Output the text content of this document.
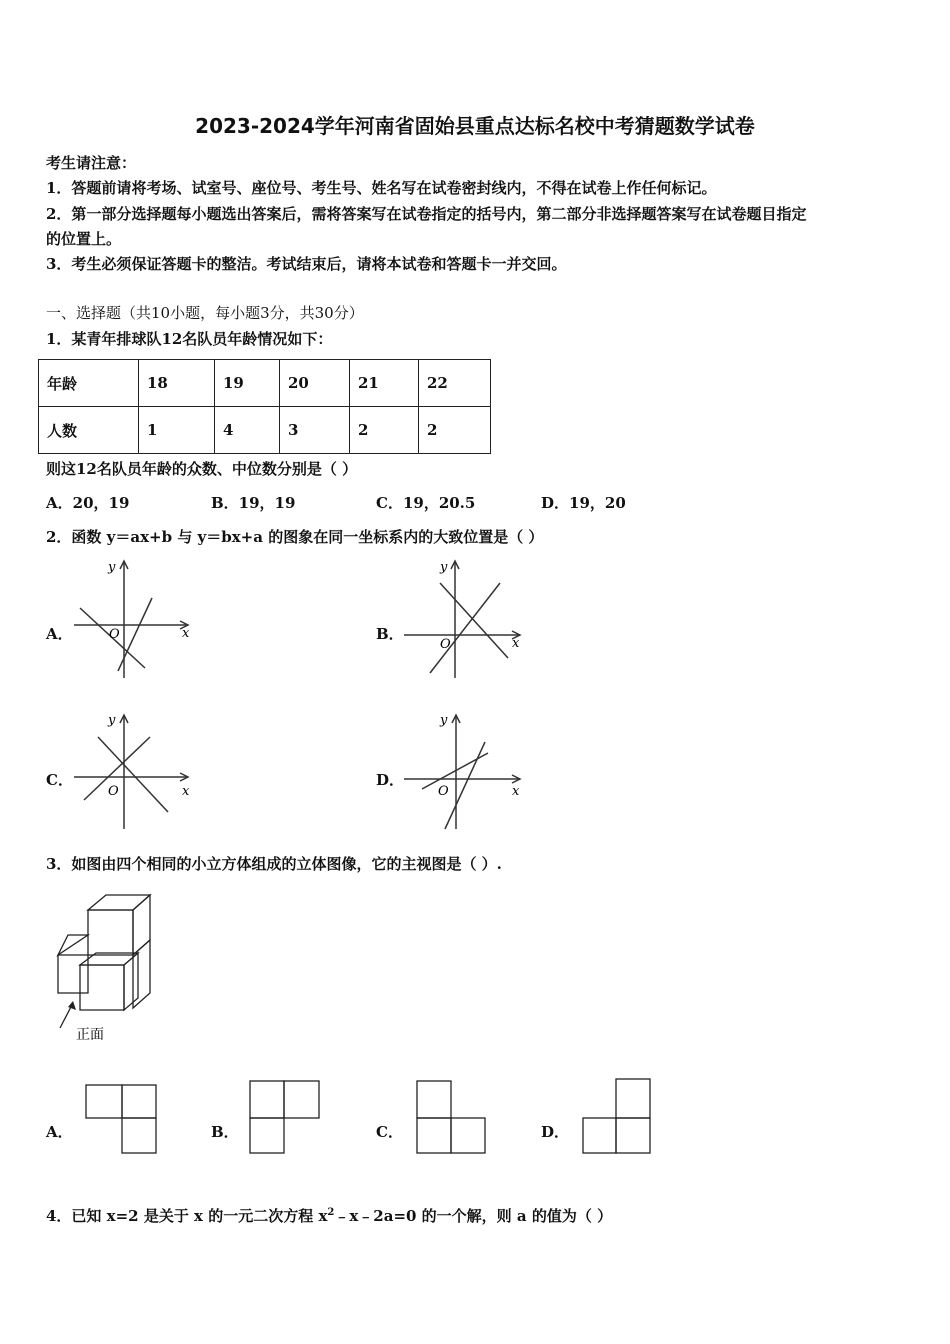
2023-2024学年河南省固始县重点达标名校中考猜题数学试卷
考生请注意：
1．答题前请将考场、试室号、座位号、考生号、姓名写在试卷密封线内，不得在试卷上作任何标记。
2．第一部分选择题每小题选出答案后，需将答案写在试卷指定的括号内，第二部分非选择题答案写在试卷题目指定
的位置上。
3．考生必须保证答题卡的整洁。考试结束后，请将本试卷和答题卡一并交回。
一、选择题（共10小题，每小题3分，共30分）
1．某青年排球队12名队员年龄情况如下：
年龄	18	19	20	21	22
人数	1	4	3	2	2
则这12名队员年龄的众数、中位数分别是（ ）
A．20，19	B．19，19	C．19，20.5	D．19，20
2．函数 y＝ax+b 与 y＝bx+a 的图象在同一坐标系内的大致位置是（ ）
A．
y
x
O	B．
y
x
O
C．
y
x
O
D．
y
x
O
3．如图由四个相同的小立方体组成的立体图像，它的主视图是（ ）.
正面
A．	B．	C．	D．
4．已知 x=2 是关于 x 的一元二次方程 $x^2﹣x﹣2a=0$ 的一个解，则 a 的值为（ ）
